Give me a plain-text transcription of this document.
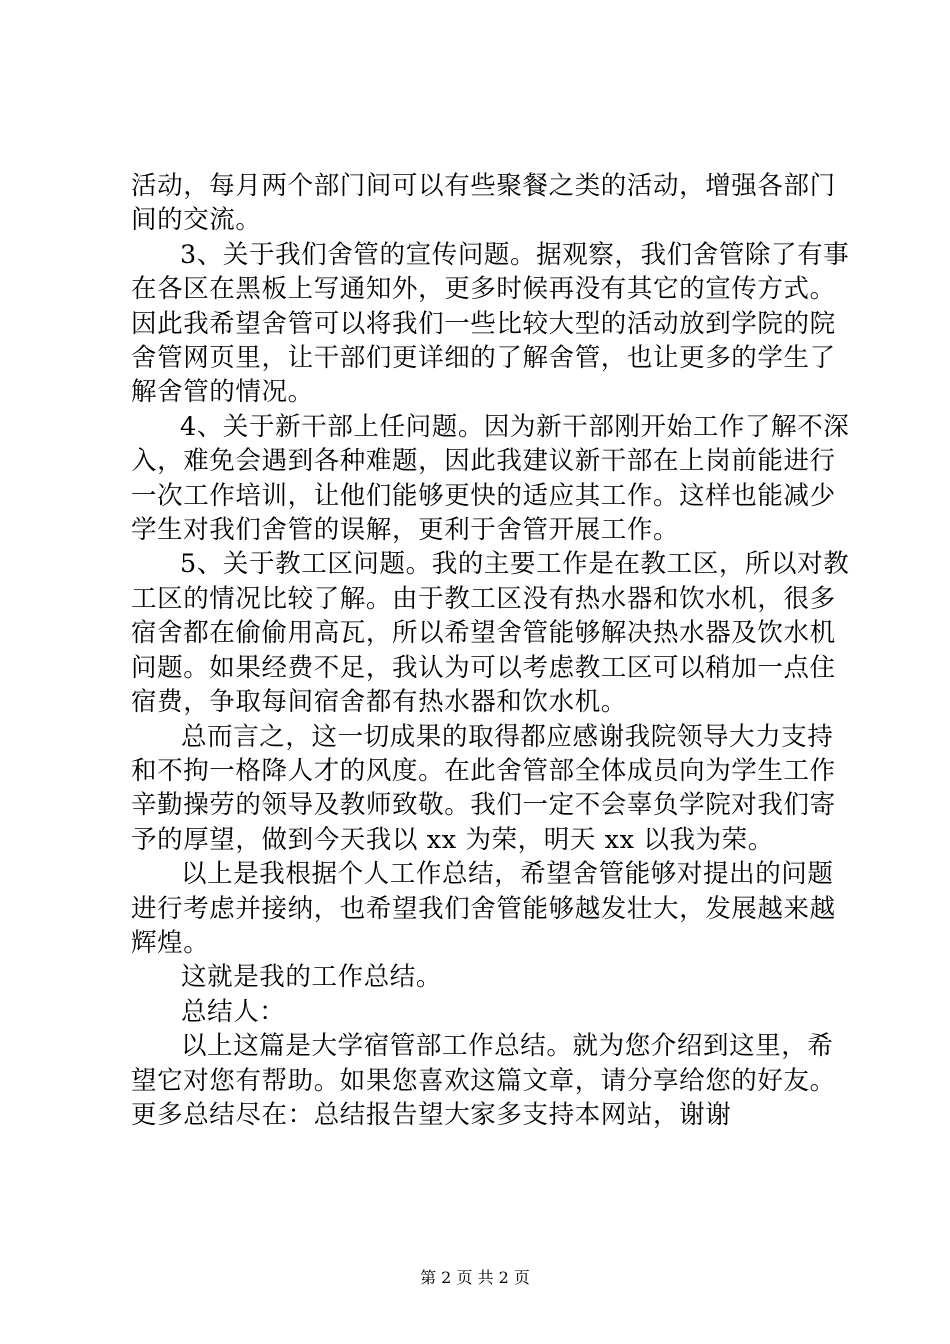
活动，每月两个部门间可以有些聚餐之类的活动，增强各部门
间的交流。
3、关于我们舍管的宣传问题。据观察，我们舍管除了有事
在各区在黑板上写通知外，更多时候再没有其它的宣传方式。
因此我希望舍管可以将我们一些比较大型的活动放到学院的院
舍管网页里，让干部们更详细的了解舍管，也让更多的学生了
解舍管的情况。
4、关于新干部上任问题。因为新干部刚开始工作了解不深
入，难免会遇到各种难题，因此我建议新干部在上岗前能进行
一次工作培训，让他们能够更快的适应其工作。这样也能减少
学生对我们舍管的误解，更利于舍管开展工作。
5、关于教工区问题。我的主要工作是在教工区，所以对教
工区的情况比较了解。由于教工区没有热水器和饮水机，很多
宿舍都在偷偷用高瓦，所以希望舍管能够解决热水器及饮水机
问题。如果经费不足，我认为可以考虑教工区可以稍加一点住
宿费，争取每间宿舍都有热水器和饮水机。
总而言之，这一切成果的取得都应感谢我院领导大力支持
和不拘一格降人才的风度。在此舍管部全体成员向为学生工作
辛勤操劳的领导及教师致敬。我们一定不会辜负学院对我们寄
予的厚望，做到今天我以 xx 为荣，明天 xx 以我为荣。
以上是我根据个人工作总结，希望舍管能够对提出的问题
进行考虑并接纳，也希望我们舍管能够越发壮大，发展越来越
辉煌。
这就是我的工作总结。
总结人：
以上这篇是大学宿管部工作总结。就为您介绍到这里，希
望它对您有帮助。如果您喜欢这篇文章，请分享给您的好友。
更多总结尽在：总结报告望大家多支持本网站，谢谢
第 2 页 共 2 页
